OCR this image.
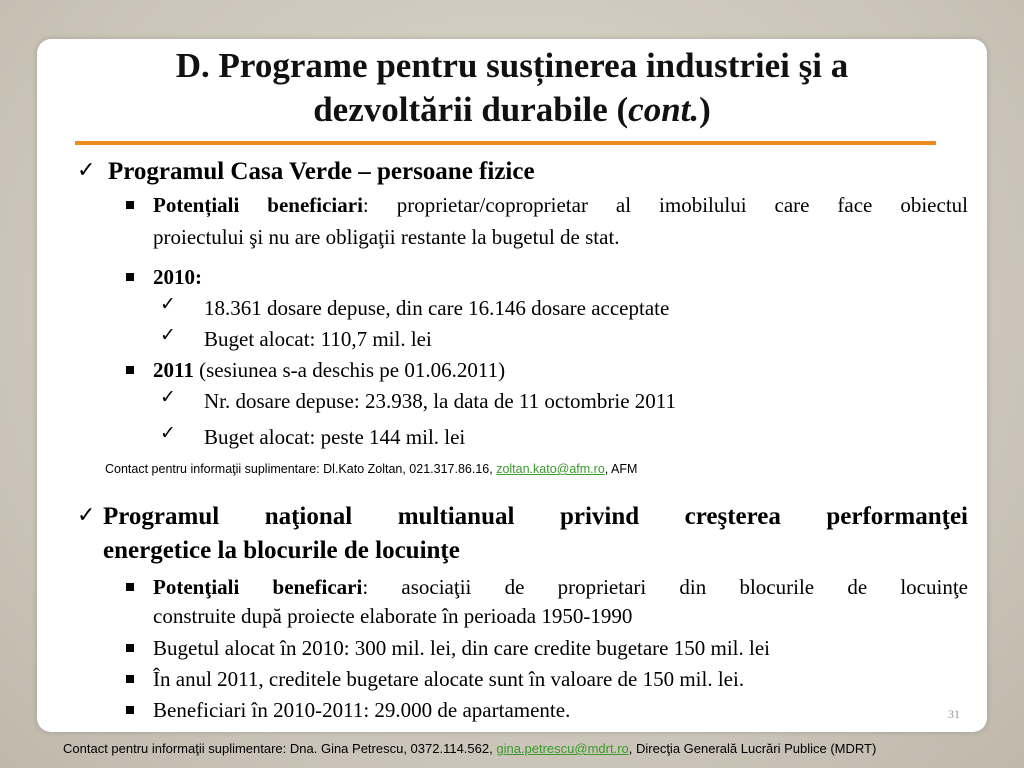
D. Programe pentru susținerea industriei şi a
dezvoltării durabile (cont.)
✓ Programul Casa Verde – persoane fizice
Potențiali beneficiari: proprietar/coproprietar al imobilului care face obiectul
proiectului şi nu are obligaţii restante la bugetul de stat.
2010:
✓ 18.361 dosare depuse, din care 16.146 dosare acceptate
✓ Buget alocat: 110,7 mil. lei
2011 (sesiunea s-a deschis pe 01.06.2011)
✓ Nr. dosare depuse: 23.938, la data de 11 octombrie 2011
✓ Buget alocat: peste 144 mil. lei
Contact pentru informaţii suplimentare: Dl.Kato Zoltan, 021.317.86.16, zoltan.kato@afm.ro, AFM
✓ Programul naţional multianual privind creşterea performanţei
energetice la blocurile de locuinţe
Potenţiali beneficari: asociaţii de proprietari din blocurile de locuinţe
construite după proiecte elaborate în perioada 1950-1990
Bugetul alocat în 2010: 300 mil. lei, din care credite bugetare 150 mil. lei
În anul 2011, creditele bugetare alocate sunt în valoare de 150 mil. lei.
Beneficiari în 2010-2011: 29.000 de apartamente.	31
Contact pentru informaţii suplimentare: Dna. Gina Petrescu, 0372.114.562, gina.petrescu@mdrt.ro, Direcţia Generală Lucrări Publice (MDRT)
